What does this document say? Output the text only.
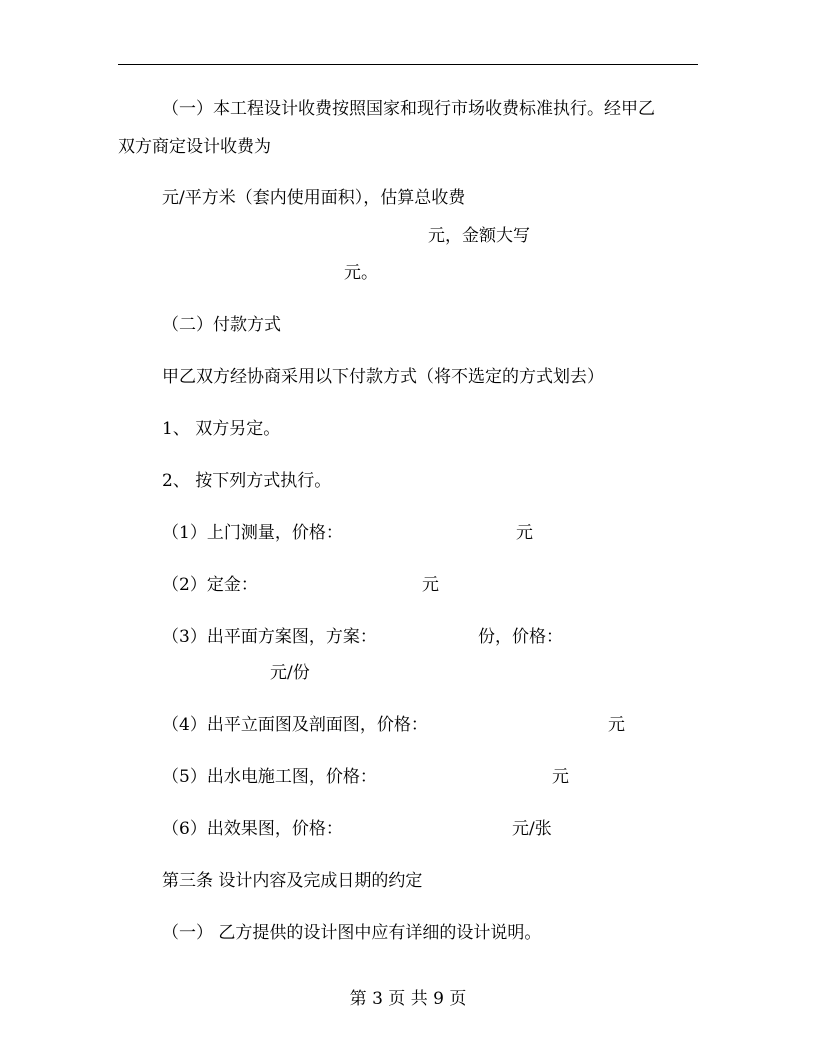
（一）本工程设计收费按照国家和现行市场收费标准执行。经甲乙
双方商定设计收费为
元/平方米（套内使用面积），估算总收费
元，金额大写
元。
（二）付款方式
甲乙双方经协商采用以下付款方式（将不选定的方式划去）
1、 双方另定。
2、 按下列方式执行。
（1）上门测量，价格：	元
（2）定金：	元
（3）出平面方案图，方案：	份，价格：
元/份
（4）出平立面图及剖面图，价格：	元
（5）出水电施工图，价格：	元
（6）出效果图，价格：	元/张
第三条 设计内容及完成日期的约定
（一） 乙方提供的设计图中应有详细的设计说明。
第 3 页 共 9 页
